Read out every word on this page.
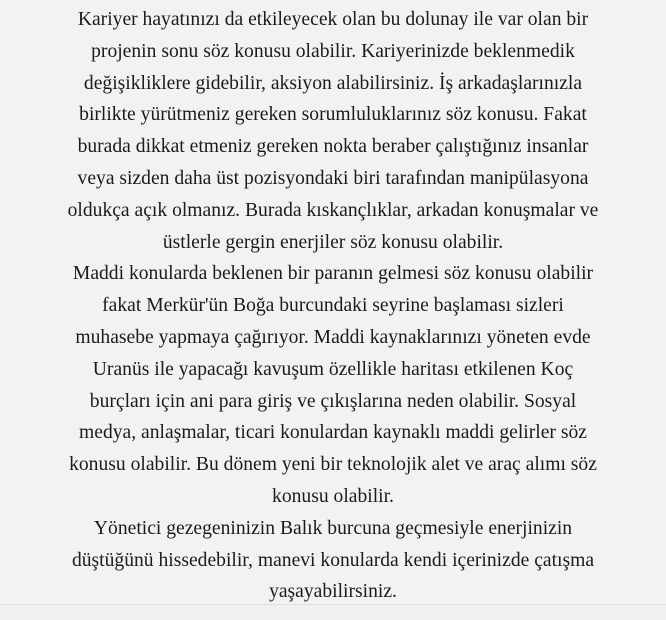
Kariyer hayatınızı da etkileyecek olan bu dolunay ile var olan bir
projenin sonu söz konusu olabilir. Kariyerinizde beklenmedik
değişikliklere gidebilir, aksiyon alabilirsiniz. İş arkadaşlarınızla
birlikte yürütmeniz gereken sorumluluklarınız söz konusu. Fakat
burada dikkat etmeniz gereken nokta beraber çalıştığınız insanlar
veya sizden daha üst pozisyondaki biri tarafından manipülasyona
oldukça açık olmanız. Burada kıskançlıklar, arkadan konuşmalar ve
üstlerle gergin enerjiler söz konusu olabilir.
Maddi konularda beklenen bir paranın gelmesi söz konusu olabilir
fakat Merkür'ün Boğa burcundaki seyrine başlaması sizleri
muhasebe yapmaya çağırıyor. Maddi kaynaklarınızı yöneten evde
Uranüs ile yapacağı kavuşum özellikle haritası etkilenen Koç
burçları için ani para giriş ve çıkışlarına neden olabilir. Sosyal
medya, anlaşmalar, ticari konulardan kaynaklı maddi gelirler söz
konusu olabilir. Bu dönem yeni bir teknolojik alet ve araç alımı söz
konusu olabilir.
Yönetici gezegeninizin Balık burcuna geçmesiyle enerjinizin
düştüğünü hissedebilir, manevi konularda kendi içerinizde çatışma
yaşayabilirsiniz.
